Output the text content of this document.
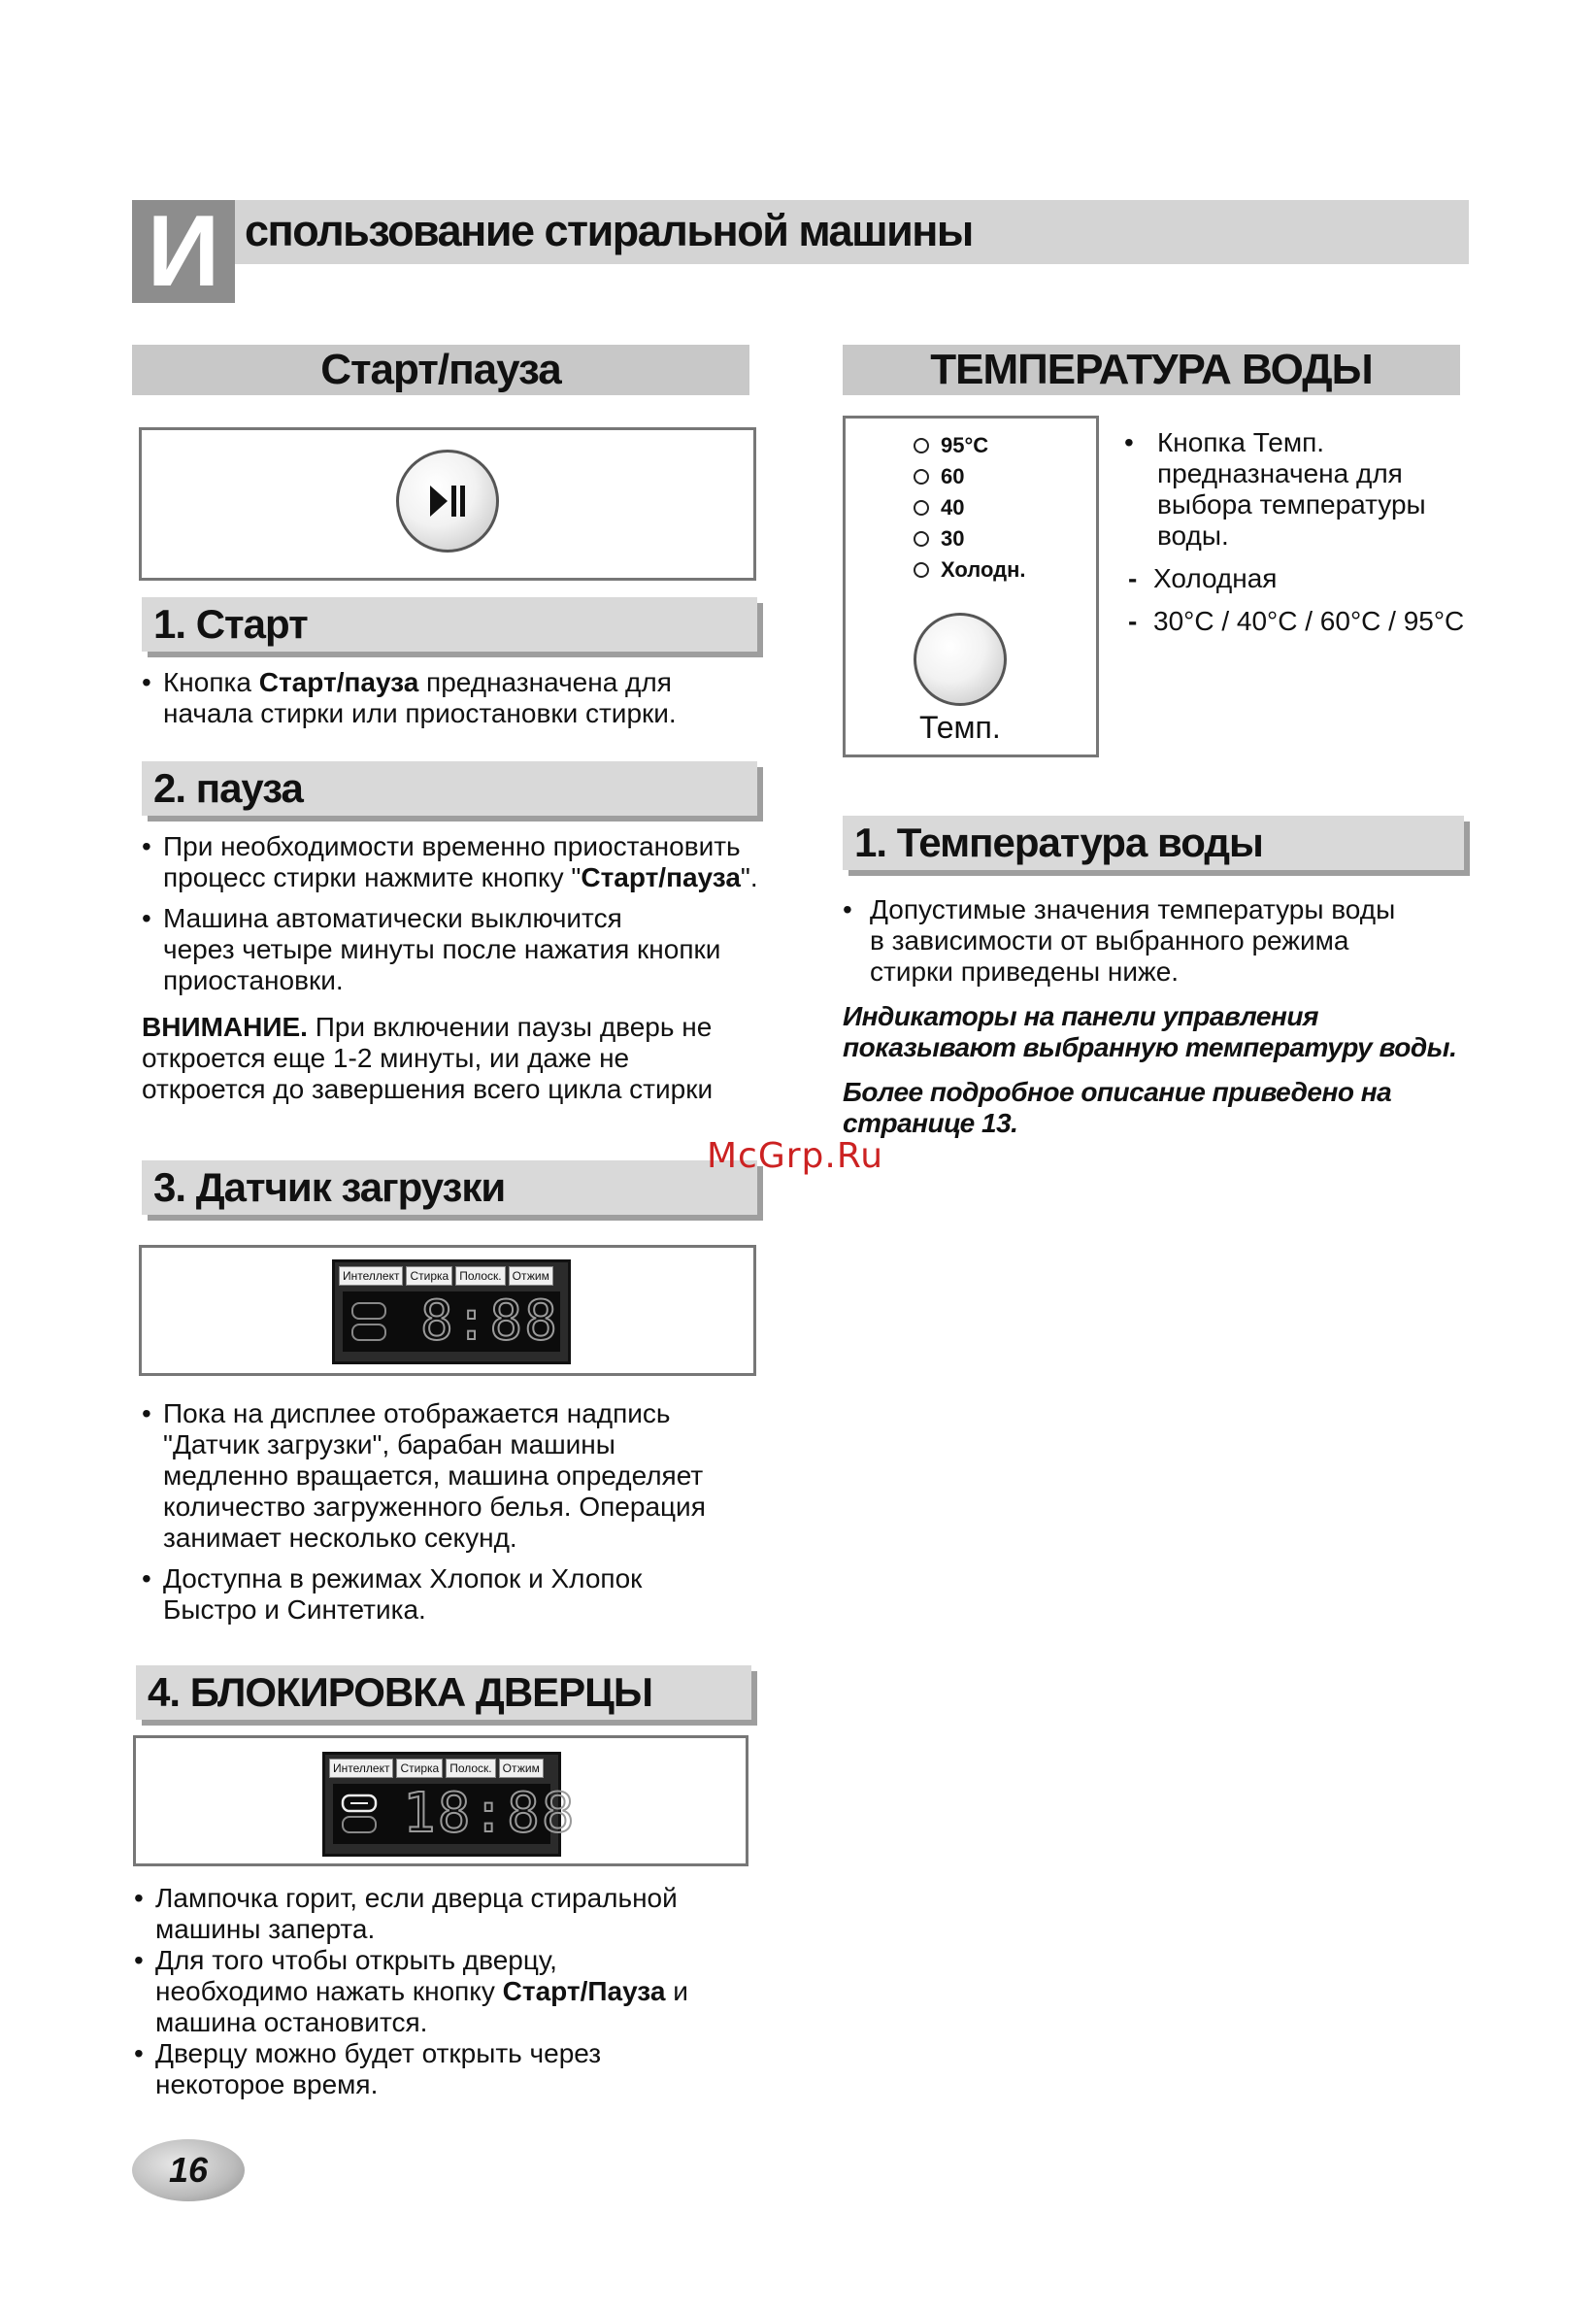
И спользование стиральной машины
Старт/пауза
1. Старт
• Кнопка Старт/пауза предназначена для
начала стирки или приостановки стирки.
2. пауза
• При необходимости временно приостановить
процесс стирки нажмите кнопку "Старт/пауза".
• Машина автоматически выключится
через четыре минуты после нажатия кнопки
приостановки.
ВНИМАНИЕ. При включении паузы дверь не
откроется еще 1-2 минуты, ии даже не
откроется до завершения всего цикла стирки
3. Датчик загрузки
Интеллект Стирка Полоск. Отжим
8:88
• Пока на дисплее отображается надпись
"Датчик загрузки", барабан машины
медленно вращается, машина определяет
количество загруженного белья. Операция
занимает несколько секунд.
• Доступна в режимах Хлопок и Хлопок
Быстро и Синтетика.
4. БЛОКИРОВКА ДВЕРЦЫ
Интеллект Стирка Полоск. Отжим
18:88
• Лампочка горит, если дверца стиральной
машины заперта.
• Для того чтобы открыть дверцу,
необходимо нажать кнопку Старт/Пауза и
машина остановится.
• Дверцу можно будет открыть через
некоторое время.
ТЕМПЕРАТУРА ВОДЫ
95°C
60
40
30
Холодн.
Темп.
• Кнопка Темп.
предназначена для
выбора температуры
воды.
- Холодная
- 30°C / 40°C / 60°C / 95°C
1. Температура воды
• Допустимые значения температуры воды
в зависимости от выбранного режима
стирки приведены ниже.
Индикаторы на панели управления
показывают выбранную температуру воды.
Более подробное описание приведено на
странице 13.
McGrp.Ru
16
